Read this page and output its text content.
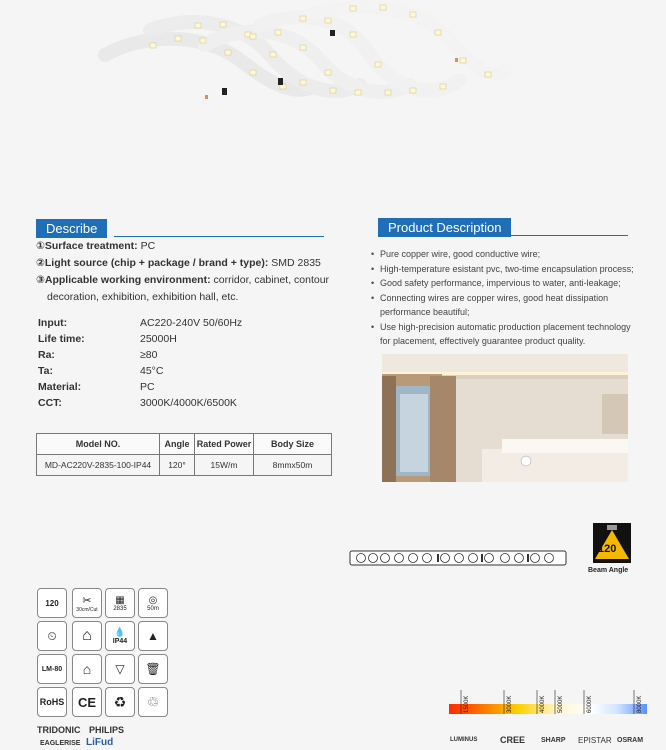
Describe
①Surface treatment: PC
②Light source (chip + package / brand + type): SMD 2835
③Applicable working environment: corridor, cabinet, contour
decoration, exhibition, exhibition hall, etc.
Input:	AC220-240V 50/60Hz
Life time:	25000H
Ra:	≥80
Ta:	45°C
Material:	PC
CCT:	3000K/4000K/6500K
Model NO.	Angle	Rated Power	Body Size
MD-AC220V-2835-100-IP44	120°	15W/m	8mmx50m
Product Description
• Pure copper wire, good conductive wire;
• High-temperature esistant pvc, two-time encapsulation process;
• Good safety performance, impervious to water, anti-leakage;
• Connecting wires are copper wires, good heat dissipation
performance beautiful;
• Use high-precision automatic production placement technology
for placement, effectively guarantee product quality.
120
Beam Angle
120 ✂
30cm/Cut
▦
2835
◎
50m
⏲ ⌂	💧
IP44 ▲
LM-80 ⌂ ▽ 🗑
RoHS CE ♻ ♲
TRIDONIC PHILIPS
EAGLERISE LiFud
1500K	3000K	4000K 5000K	6000K	8000K
LUMINUS	CREE SHARP EPISTAR OSRAM
